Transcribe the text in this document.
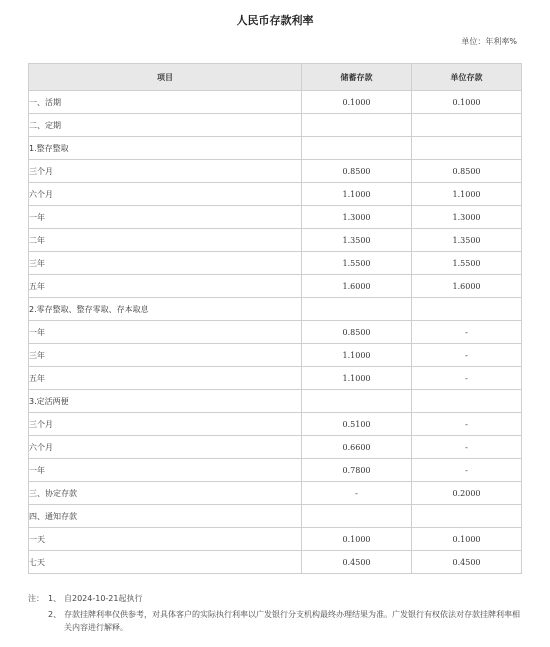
人民币存款利率
单位：年利率%
项目	储蓄存款	单位存款
一、活期	0.1000	0.1000
二、定期		
1.整存整取		
三个月	0.8500	0.8500
六个月	1.1000	1.1000
一年	1.3000	1.3000
二年	1.3500	1.3500
三年	1.5500	1.5500
五年	1.6000	1.6000
2.零存整取、整存零取、存本取息		
一年	0.8500	-
三年	1.1000	-
五年	1.1000	-
3.定活两便		
三个月	0.5100	-
六个月	0.6600	-
一年	0.7800	-
三、协定存款	-	0.2000
四、通知存款		
一天	0.1000	0.1000
七天	0.4500	0.4500
注： 1、 自2024-10-21起执行
2、 存款挂牌利率仅供参考，对具体客户的实际执行利率以广发银行分支机构最终办理结果为准。广发银行有权依法对存款挂牌利率相关内容进行解释。
